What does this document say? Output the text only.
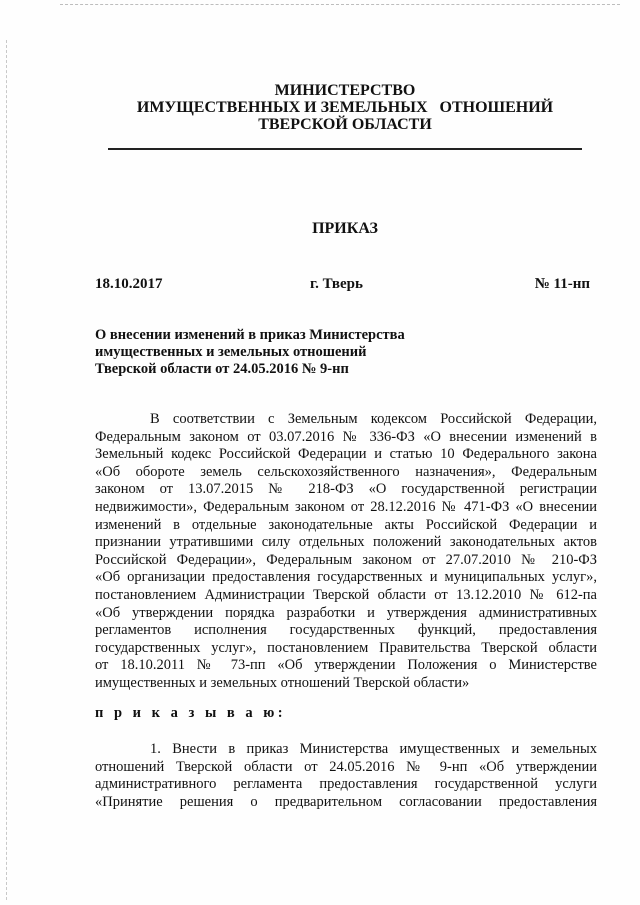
МИНИСТЕРСТВО
ИМУЩЕСТВЕННЫХ И ЗЕМЕЛЬНЫХ   ОТНОШЕНИЙ
ТВЕРСКОЙ ОБЛАСТИ
ПРИКАЗ
18.10.2017	г. Тверь	№ 11-нп
О внесении изменений в приказ Министерства
имущественных и земельных отношений
Тверской области от 24.05.2016 № 9-нп
В соответствии с Земельным кодексом Российской Федерации,
Федеральным законом от 03.07.2016 № 336-ФЗ «О внесении изменений в
Земельный кодекс Российской Федерации и статью 10 Федерального закона
«Об обороте земель сельскохозяйственного назначения», Федеральным
законом от 13.07.2015 № 218-ФЗ «О государственной регистрации
недвижимости», Федеральным законом от 28.12.2016 № 471-ФЗ «О внесении
изменений в отдельные законодательные акты Российской Федерации и
признании утратившими силу отдельных положений законодательных актов
Российской Федерации», Федеральным законом от 27.07.2010 № 210-ФЗ
«Об организации предоставления государственных и муниципальных услуг»,
постановлением Администрации Тверской области от 13.12.2010 № 612-па
«Об утверждении порядка разработки и утверждения административных
регламентов исполнения государственных функций, предоставления
государственных услуг», постановлением Правительства Тверской области
от 18.10.2011 № 73-пп «Об утверждении Положения о Министерстве
имущественных и земельных отношений Тверской области»
п р и к а з ы в а ю:
1. Внести в приказ Министерства имущественных и земельных
отношений Тверской области от 24.05.2016 № 9-нп «Об утверждении
административного регламента предоставления государственной услуги
«Принятие решения о предварительном согласовании предоставления
